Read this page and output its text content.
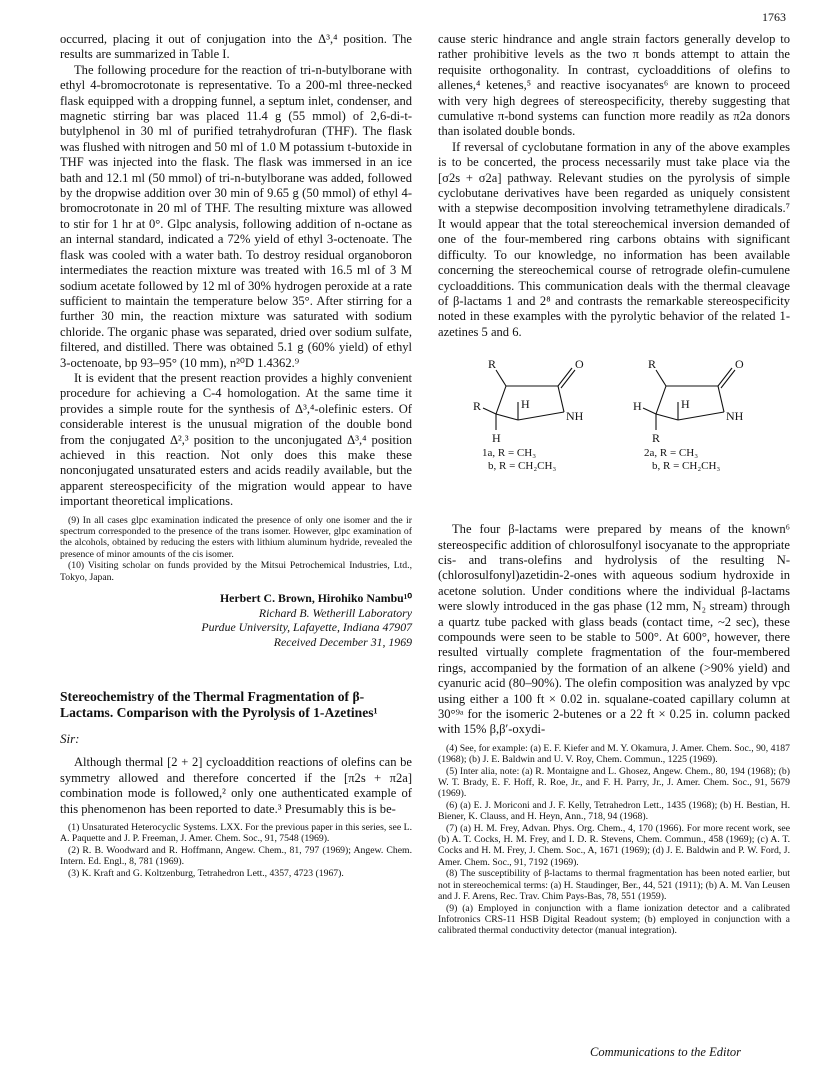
1763

occurred, placing it out of conjugation into the Δ³,⁴ position. The results are summarized in Table I.

The following procedure for the reaction of tri-n-butylborane with ethyl 4-bromocrotonate is representative. To a 200-ml three-necked flask equipped with a dropping funnel, a septum inlet, condenser, and magnetic stirring bar was placed 11.4 g (55 mmol) of 2,6-di-t-butylphenol in 30 ml of purified tetrahydrofuran (THF). The flask was flushed with nitrogen and 50 ml of 1.0 M potassium t-butoxide in THF was injected into the flask. The flask was immersed in an ice bath and 12.1 ml (50 mmol) of tri-n-butylborane was added, followed by the dropwise addition over 30 min of 9.65 g (50 mmol) of ethyl 4-bromocrotonate in 20 ml of THF. The resulting mixture was allowed to stir for 1 hr at 0°. Glpc analysis, following addition of n-octane as an internal standard, indicated a 72% yield of ethyl 3-octenoate. The flask was cooled with a water bath. To destroy residual organoboron intermediates the reaction mixture was treated with 16.5 ml of 3 M sodium acetate followed by 12 ml of 30% hydrogen peroxide at a rate sufficient to maintain the temperature below 35°. After stirring for a further 30 min, the reaction mixture was saturated with sodium chloride. The organic phase was separated, dried over sodium sulfate, filtered, and distilled. There was obtained 5.1 g (60% yield) of ethyl 3-octenoate, bp 93–95° (10 mm), n²⁰D 1.4362.⁹

It is evident that the present reaction provides a highly convenient procedure for achieving a C-4 homologation. At the same time it provides a simple route for the synthesis of Δ³,⁴-olefinic esters. Of considerable interest is the unusual migration of the double bond from the conjugated Δ²,³ position to the unconjugated Δ³,⁴ position achieved in this reaction. Not only does this make these nonconjugated unsaturated esters and acids readily available, but the apparent stereospecificity of the migration would appear to have important theoretical implications.

(9) In all cases glpc examination indicated the presence of only one isomer and the ir spectrum corresponded to the presence of the trans isomer. However, glpc examination of the alcohols, obtained by reducing the esters with lithium aluminum hydride, revealed the presence of minor amounts of the cis isomer.
(10) Visiting scholar on funds provided by the Mitsui Petrochemical Industries, Ltd., Tokyo, Japan.
Herbert C. Brown, Hirohiko Nambu¹⁰
Richard B. Wetherill Laboratory
Purdue University, Lafayette, Indiana 47907
Received December 31, 1969
Stereochemistry of the Thermal Fragmentation of β-Lactams. Comparison with the Pyrolysis of 1-Azetines¹
Sir:

Although thermal [2 + 2] cycloaddition reactions of olefins can be symmetry allowed and therefore concerted if the [π2s + π2a] combination mode is followed,² only one authenticated example of this phenomenon has been reported to date.³ Presumably this is be-

(1) Unsaturated Heterocyclic Systems. LXX. For the previous paper in this series, see L. A. Paquette and J. P. Freeman, J. Amer. Chem. Soc., 91, 7548 (1969).
(2) R. B. Woodward and R. Hoffmann, Angew. Chem., 81, 797 (1969); Angew. Chem. Intern. Ed. Engl., 8, 781 (1969).
(3) K. Kraft and G. Koltzenburg, Tetrahedron Lett., 4357, 4723 (1967).

cause steric hindrance and angle strain factors generally develop to rather prohibitive levels as the two π bonds attempt to attain the requisite orthogonality. In contrast, cycloadditions of olefins to allenes,⁴ ketenes,⁵ and reactive isocyanates⁶ are known to proceed with very high degrees of stereospecificity, thereby suggesting that cumulative π-bond systems can function more readily as π2a donors than isolated double bonds.

If reversal of cyclobutane formation in any of the above examples is to be concerted, the process necessarily must take place via the [σ2s + σ2a] pathway. Relevant studies on the pyrolysis of simple cyclobutane derivatives have been regarded as uniquely consistent with a stepwise decomposition involving tetramethylene diradicals.⁷ It would appear that the total stereochemical inversion demanded of one of the four-membered ring carbons obtains with significant difficulty. To our knowledge, no information has been available concerning the stereochemical course of retrograde olefin-cumulene cycloadditions. This communication deals with the thermal cleavage of β-lactams 1 and 2⁸ and contrasts the remarkable stereospecificity noted in these examples with the pyrolytic behavior of the related 1-azetines 5 and 6.

R	O
R	H
NH
H
R	O
H	H
NH
R
1a, R = CH₃
b, R = CH₂CH₃
2a, R = CH₃
b, R = CH₂CH₃

The four β-lactams were prepared by means of the known⁶ stereospecific addition of chlorosulfonyl isocyanate to the appropriate cis- and trans-olefins and hydrolysis of the resulting N-(chlorosulfonyl)azetidin-2-ones with aqueous sodium hydroxide in acetone solution. Under conditions where the individual β-lactams were slowly introduced in the gas phase (12 mm, N₂ stream) through a quartz tube packed with glass beads (contact time, ~2 sec), these compounds were seen to be stable to 500°. At 600°, however, there resulted virtually complete fragmentation of the four-membered rings, accompanied by the formation of an alkene (>90% yield) and cyanuric acid (80–90%). The olefin composition was analyzed by vpc using either a 100 ft × 0.02 in. squalane-coated capillary column at 30°⁹ᵃ for the isomeric 2-butenes or a 22 ft × 0.25 in. column packed with 15% β,β′-oxydi-

(4) See, for example: (a) E. F. Kiefer and M. Y. Okamura, J. Amer. Chem. Soc., 90, 4187 (1968); (b) J. E. Baldwin and U. V. Roy, Chem. Commun., 1225 (1969).
(5) Inter alia, note: (a) R. Montaigne and L. Ghosez, Angew. Chem., 80, 194 (1968); (b) W. T. Brady, E. F. Hoff, R. Roe, Jr., and F. H. Parry, Jr., J. Amer. Chem. Soc., 91, 5679 (1969).
(6) (a) E. J. Moriconi and J. F. Kelly, Tetrahedron Lett., 1435 (1968); (b) H. Bestian, H. Biener, K. Clauss, and H. Heyn, Ann., 718, 94 (1968).
(7) (a) H. M. Frey, Advan. Phys. Org. Chem., 4, 170 (1966). For more recent work, see (b) A. T. Cocks, H. M. Frey, and I. D. R. Stevens, Chem. Commun., 458 (1969); (c) A. T. Cocks and H. M. Frey, J. Chem. Soc., A, 1671 (1969); (d) J. E. Baldwin and P. W. Ford, J. Amer. Chem. Soc., 91, 7192 (1969).
(8) The susceptibility of β-lactams to thermal fragmentation has been noted earlier, but not in stereochemical terms: (a) H. Staudinger, Ber., 44, 521 (1911); (b) A. M. Van Leusen and J. F. Arens, Rec. Trav. Chim Pays-Bas, 78, 551 (1959).
(9) (a) Employed in conjunction with a flame ionization detector and a calibrated Infotronics CRS-11 HSB Digital Readout system; (b) employed in conjunction with a calibrated thermal conductivity detector (manual integration).
Communications to the Editor
